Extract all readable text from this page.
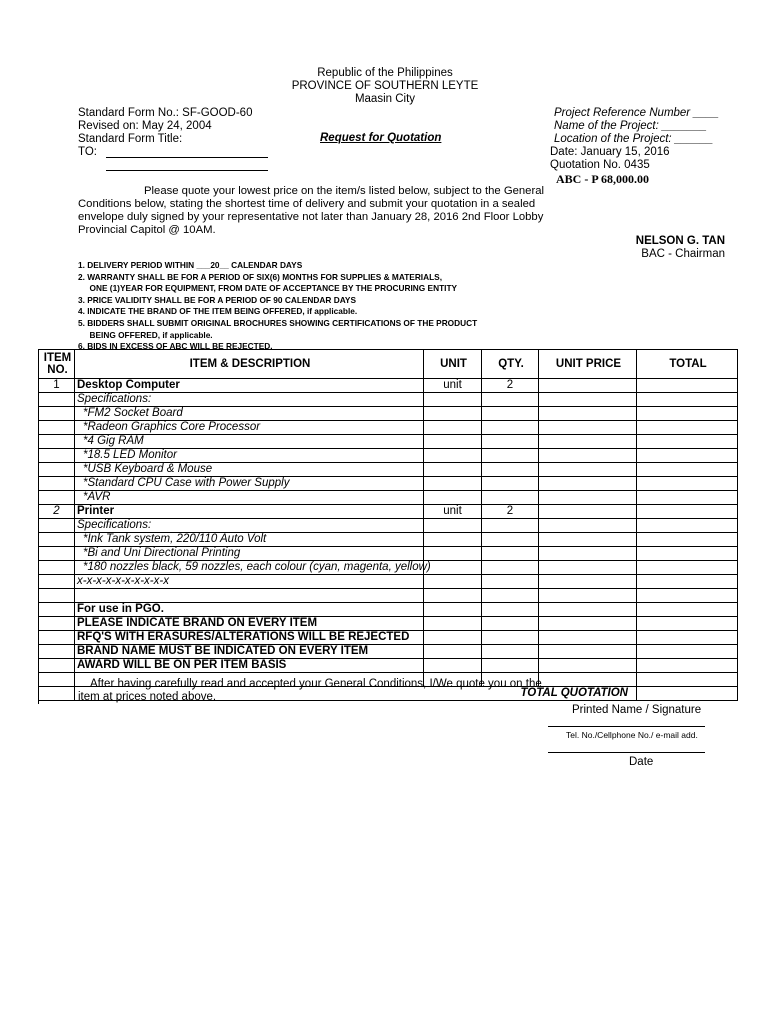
Republic of the Philippines
PROVINCE OF SOUTHERN LEYTE
Maasin City
Standard Form No.: SF-GOOD-60
Revised on: May 24, 2004
Standard Form Title:
TO:
Request for Quotation
Project Reference Number ____
Name of the Project: _______
Location of the Project: ______
Date: January 15, 2016
Quotation No. 0435
ABC - P 68,000.00
Please quote your lowest price on the item/s listed below, subject to the General Conditions below, stating the shortest time of delivery and submit your quotation in a sealed envelope duly signed by your representative not later than January 28, 2016 2nd Floor Lobby Provincial Capitol @ 10AM.
NELSON G. TAN
BAC - Chairman
1. DELIVERY PERIOD WITHIN ___20__ CALENDAR DAYS
2. WARRANTY SHALL BE FOR A PERIOD OF SIX(6) MONTHS FOR SUPPLIES & MATERIALS,
ONE (1)YEAR FOR EQUIPMENT, FROM DATE OF ACCEPTANCE BY THE PROCURING ENTITY
3. PRICE VALIDITY SHALL BE FOR A PERIOD OF 90 CALENDAR DAYS
4. INDICATE THE BRAND OF THE ITEM BEING OFFERED, if applicable.
5. BIDDERS SHALL SUBMIT ORIGINAL BROCHURES SHOWING CERTIFICATIONS OF THE PRODUCT
BEING OFFERED, if applicable.
6. BIDS IN EXCESS OF ABC WILL BE REJECTED.
ITEM NO.	ITEM & DESCRIPTION	UNIT	QTY.	UNIT PRICE	TOTAL
1	Desktop Computer	unit	2		
	Specifications:				
	*FM2 Socket Board				
	*Radeon Graphics Core Processor				
	*4 Gig RAM				
	*18.5 LED Monitor				
	*USB Keyboard & Mouse				
	*Standard CPU Case with Power Supply				
	*AVR				
2	Printer	unit	2		
	Specifications:				
	*Ink Tank system, 220/110 Auto Volt				
	*Bi and Uni Directional Printing				
	*180 nozzles black, 59 nozzles, each colour (cyan, magenta, yellow)				
	x-x-x-x-x-x-x-x-x-x				

	For use in PGO.				
	PLEASE INDICATE BRAND ON EVERY ITEM				
	RFQ'S WITH ERASURES/ALTERATIONS WILL BE REJECTED				
	BRAND NAME MUST BE INDICATED ON EVERY ITEM				
	AWARD WILL BE ON PER ITEM BASIS				

	TOTAL QUOTATION				
After having carefully read and accepted your General Conditions, I/We quote you on the
item at prices noted above.
Printed Name / Signature
Tel. No./Cellphone No./ e-mail add.
Date
